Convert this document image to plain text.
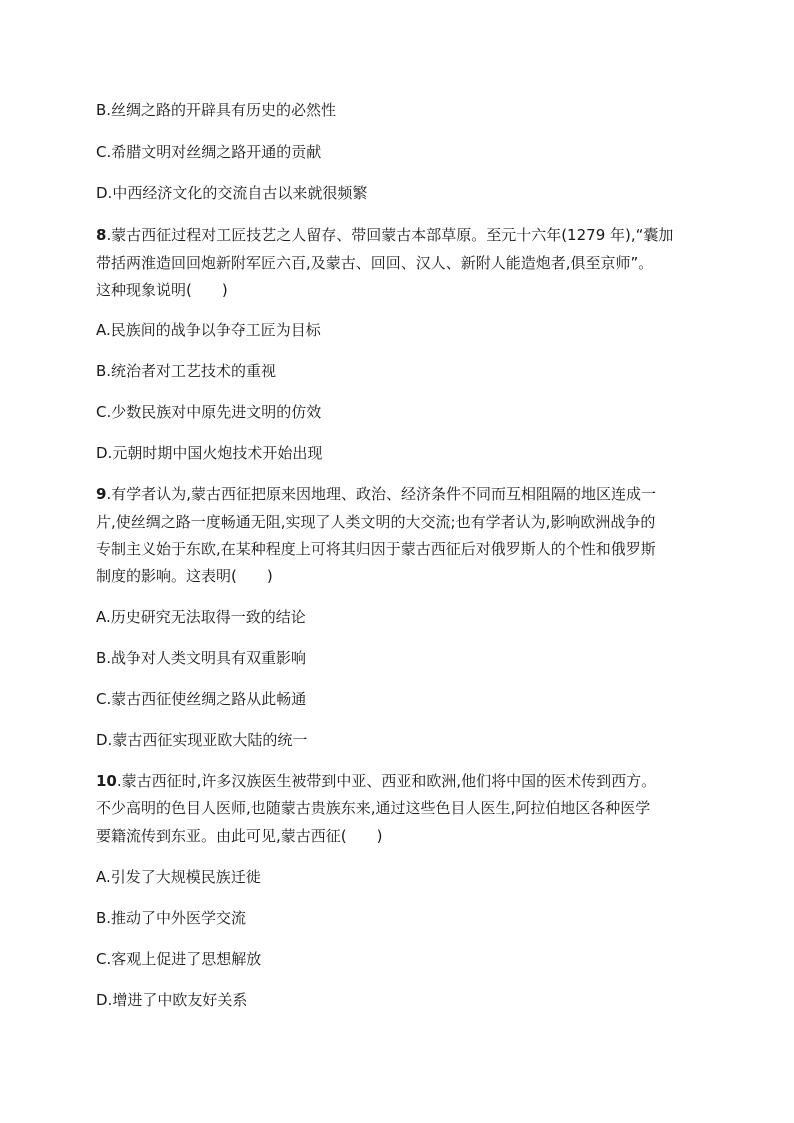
B.丝绸之路的开辟具有历史的必然性
C.希腊文明对丝绸之路开通的贡献
D.中西经济文化的交流自古以来就很频繁
8.蒙古西征过程对工匠技艺之人留存、带回蒙古本部草原。至元十六年(1279 年),“囊加
带括两淮造回回炮新附军匠六百,及蒙古、回回、汉人、新附人能造炮者,俱至京师”。
这种现象说明(　　)
A.民族间的战争以争夺工匠为目标
B.统治者对工艺技术的重视
C.少数民族对中原先进文明的仿效
D.元朝时期中国火炮技术开始出现
9.有学者认为,蒙古西征把原来因地理、政治、经济条件不同而互相阻隔的地区连成一
片,使丝绸之路一度畅通无阻,实现了人类文明的大交流;也有学者认为,影响欧洲战争的
专制主义始于东欧,在某种程度上可将其归因于蒙古西征后对俄罗斯人的个性和俄罗斯
制度的影响。这表明(　　)
A.历史研究无法取得一致的结论
B.战争对人类文明具有双重影响
C.蒙古西征使丝绸之路从此畅通
D.蒙古西征实现亚欧大陆的统一
10.蒙古西征时,许多汉族医生被带到中亚、西亚和欧洲,他们将中国的医术传到西方。
不少高明的色目人医师,也随蒙古贵族东来,通过这些色目人医生,阿拉伯地区各种医学
要籍流传到东亚。由此可见,蒙古西征(　　)
A.引发了大规模民族迁徙
B.推动了中外医学交流
C.客观上促进了思想解放
D.增进了中欧友好关系
